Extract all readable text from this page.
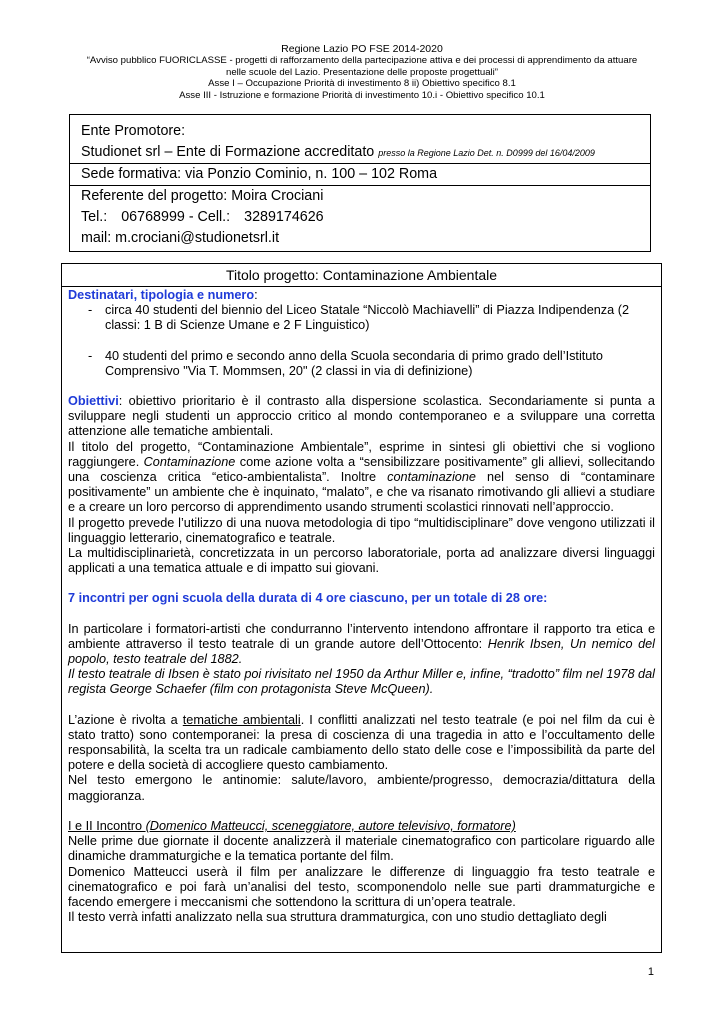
Regione Lazio PO FSE 2014-2020
“Avviso pubblico FUORICLASSE - progetti di rafforzamento della partecipazione attiva e dei processi di apprendimento da attuare
nelle scuole del Lazio. Presentazione delle proposte progettuali”
Asse I – Occupazione Priorità di investimento 8 ii) Obiettivo specifico 8.1
Asse III - Istruzione e formazione Priorità di investimento 10.i - Obiettivo specifico 10.1
Ente Promotore:
Studionet srl – Ente di Formazione accreditato presso la Regione Lazio Det. n. D0999 del 16/04/2009
Sede formativa: via Ponzio Cominio, n. 100 – 102 Roma
Referente del progetto: Moira Crociani
Tel.: 06768999 - Cell.: 3289174626
mail: m.crociani@studionetsrl.it
Titolo progetto: Contaminazione Ambientale

Destinatari, tipologia e numero:

-	circa 40 studenti del biennio del Liceo Statale “Niccolò Machiavelli” di Piazza Indipendenza (2 classi: 1 B di Scienze Umane e 2 F Linguistico)
-	40 studenti del primo e secondo anno della Scuola secondaria di primo grado dell’Istituto Comprensivo "Via T. Mommsen, 20" (2 classi in via di definizione)

Obiettivi: obiettivo prioritario è il contrasto alla dispersione scolastica. Secondariamente si punta a sviluppare negli studenti un approccio critico al mondo contemporaneo e a sviluppare una corretta attenzione alle tematiche ambientali.

Il titolo del progetto, “Contaminazione Ambientale”, esprime in sintesi gli obiettivi che si vogliono raggiungere. Contaminazione come azione volta a “sensibilizzare positivamente” gli allievi, sollecitando una coscienza critica “etico-ambientalista”. Inoltre contaminazione nel senso di “contaminare positivamente” un ambiente che è inquinato, “malato”, e che va risanato rimotivando gli allievi a studiare e a creare un loro percorso di apprendimento usando strumenti scolastici rinnovati nell’approccio.

Il progetto prevede l’utilizzo di una nuova metodologia di tipo “multidisciplinare” dove vengono utilizzati il linguaggio letterario, cinematografico e teatrale.

La multidisciplinarietà, concretizzata in un percorso laboratoriale, porta ad analizzare diversi linguaggi applicati a una tematica attuale e di impatto sui giovani.

7 incontri per ogni scuola della durata di 4 ore ciascuno, per un totale di 28 ore:

In particolare i formatori-artisti che condurranno l’intervento intendono affrontare il rapporto tra etica e ambiente attraverso il testo teatrale di un grande autore dell’Ottocento: Henrik Ibsen, Un nemico del popolo, testo teatrale del 1882.

Il testo teatrale di Ibsen è stato poi rivisitato nel 1950 da Arthur Miller e, infine, “tradotto” film nel 1978 dal regista George Schaefer (film con protagonista Steve McQueen).

L’azione è rivolta a tematiche ambientali. I conflitti analizzati nel testo teatrale (e poi nel film da cui è stato tratto) sono contemporanei: la presa di coscienza di una tragedia in atto e l’occultamento delle responsabilità, la scelta tra un radicale cambiamento dello stato delle cose e l’impossibilità da parte del potere e della società di accogliere questo cambiamento.

Nel testo emergono le antinomie: salute/lavoro, ambiente/progresso, democrazia/dittatura della maggioranza.

I e II Incontro (Domenico Matteucci, sceneggiatore, autore televisivo, formatore)

Nelle prime due giornate il docente analizzerà il materiale cinematografico con particolare riguardo alle dinamiche drammaturgiche e la tematica portante del film.

Domenico Matteucci userà il film per analizzare le differenze di linguaggio fra testo teatrale e cinematografico e poi farà un’analisi del testo, scomponendolo nelle sue parti drammaturgiche e facendo emergere i meccanismi che sottendono la scrittura di un’opera teatrale.

Il testo verrà infatti analizzato nella sua struttura drammaturgica, con uno studio dettagliato degli

1
